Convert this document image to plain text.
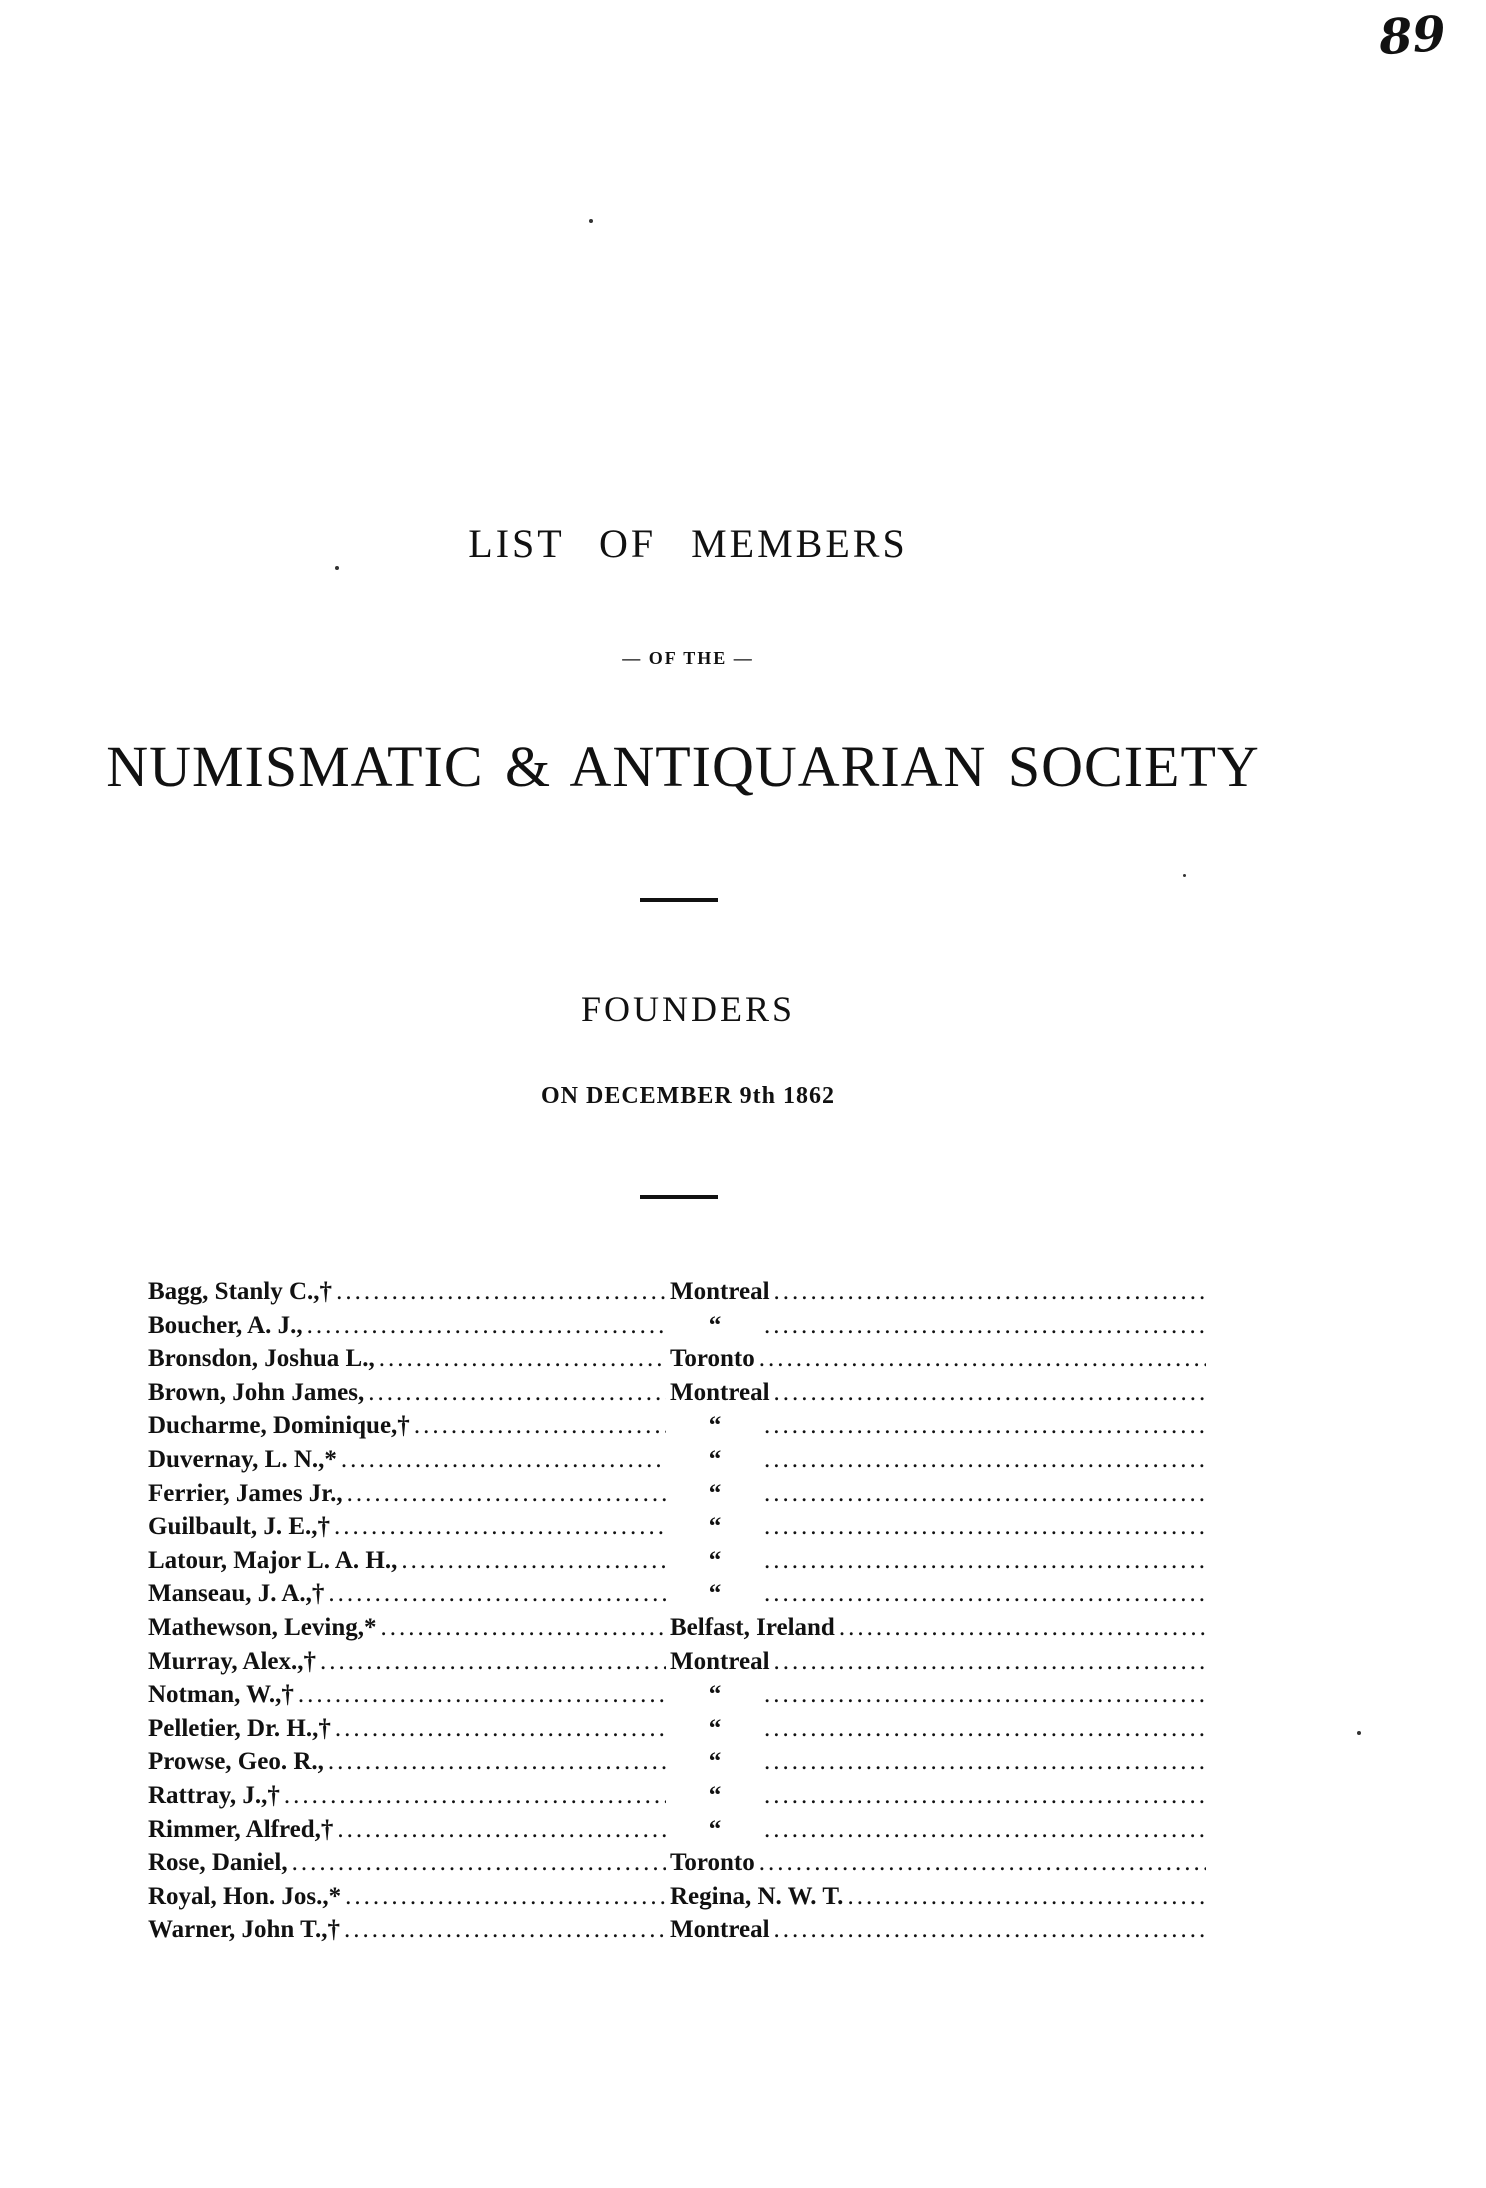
89
LIST OF MEMBERS
— OF THE —
NUMISMATIC & ANTIQUARIAN SOCIETY
FOUNDERS
ON DECEMBER 9th 1862
Bagg, Stanly C.,† .....	Montreal
.....
Boucher, A. J., .....	“
.....
Bronsdon, Joshua L., .....	Toronto
.....
Brown, John James, .....	Montreal
.....
Ducharme, Dominique,† .....	“
.....
Duvernay, L. N.,* .....	“
.....
Ferrier, James Jr., .....	“
.....
Guilbault, J. E.,† .....	“
.....
Latour, Major L. A. H., .....	“
.....
Manseau, J. A.,† .....	“
.....
Mathewson, Leving,* .....	Belfast, Ireland
.....
Murray, Alex.,† .....	Montreal
.....
Notman, W.,† .....	“
.....
Pelletier, Dr. H.,† .....	“
.....
Prowse, Geo. R., .....	“
.....
Rattray, J.,† .....	“
.....
Rimmer, Alfred,† .....	“
.....
Rose, Daniel, .....	Toronto
.....
Royal, Hon. Jos.,* .....	Regina, N. W. T.
.....
Warner, John T.,† .....	Montreal
.....
